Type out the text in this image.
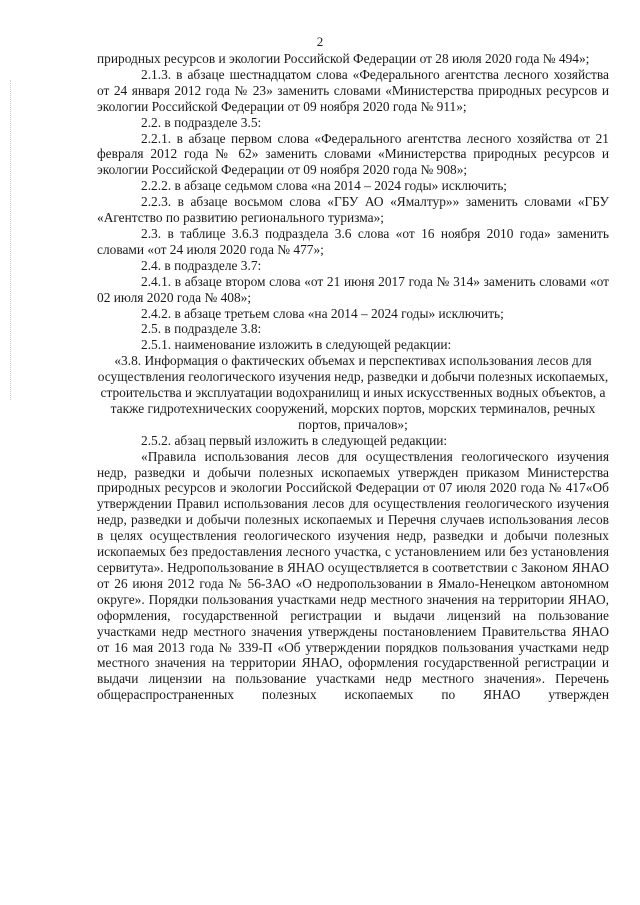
2

природных ресурсов и экологии Российской Федерации от 28 июля 2020 года № 494»;

2.1.3. в абзаце шестнадцатом слова «Федерального агентства лесного хозяйства от 24 января 2012 года № 23» заменить словами «Министерства природных ресурсов и экологии Российской Федерации от 09 ноября 2020 года № 911»;

2.2. в подразделе 3.5:

2.2.1. в абзаце первом слова «Федерального агентства лесного хозяйства от 21 февраля 2012 года № 62» заменить словами «Министерства природных ресурсов и экологии Российской Федерации от 09 ноября 2020 года № 908»;

2.2.2. в абзаце седьмом слова «на 2014 – 2024 годы» исключить;

2.2.3. в абзаце восьмом слова «ГБУ АО «Ямалтур»» заменить словами «ГБУ «Агентство по развитию регионального туризма»;

2.3. в таблице 3.6.3 подраздела 3.6 слова «от 16 ноября 2010 года» заменить словами «от 24 июля 2020 года № 477»;

2.4. в подразделе 3.7:

2.4.1. в абзаце втором слова «от 21 июня 2017 года № 314» заменить словами «от 02 июля 2020 года № 408»;

2.4.2. в абзаце третьем слова «на 2014 – 2024 годы» исключить;

2.5. в подразделе 3.8:

2.5.1. наименование изложить в следующей редакции:

«3.8. Информация о фактических объемах и перспективах использования лесов для осуществления геологического изучения недр, разведки и добычи полезных ископаемых, строительства и эксплуатации водохранилищ и иных искусственных водных объектов, а также гидротехнических сооружений, морских портов, морских терминалов, речных портов, причалов»;

2.5.2. абзац первый изложить в следующей редакции:

«Правила использования лесов для осуществления геологического изучения недр, разведки и добычи полезных ископаемых утвержден приказом Министерства природных ресурсов и экологии Российской Федерации от 07 июля 2020 года № 417«Об утверждении Правил использования лесов для осуществления геологического изучения недр, разведки и добычи полезных ископаемых и Перечня случаев использования лесов в целях осуществления геологического изучения недр, разведки и добычи полезных ископаемых без предоставления лесного участка, с установлением или без установления сервитута». Недропользование в ЯНАО осуществляется в соответствии с Законом ЯНАО от 26 июня 2012 года № 56-ЗАО «О недропользовании в Ямало-Ненецком автономном округе». Порядки пользования участками недр местного значения на территории ЯНАО, оформления, государственной регистрации и выдачи лицензий на пользование участками недр местного значения утверждены постановлением Правительства ЯНАО от 16 мая 2013 года № 339-П «Об утверждении порядков пользования участками недр местного значения на территории ЯНАО, оформления государственной регистрации и выдачи лицензии на пользование участками недр местного значения». Перечень общераспространенных полезных ископаемых по ЯНАО утвержден
